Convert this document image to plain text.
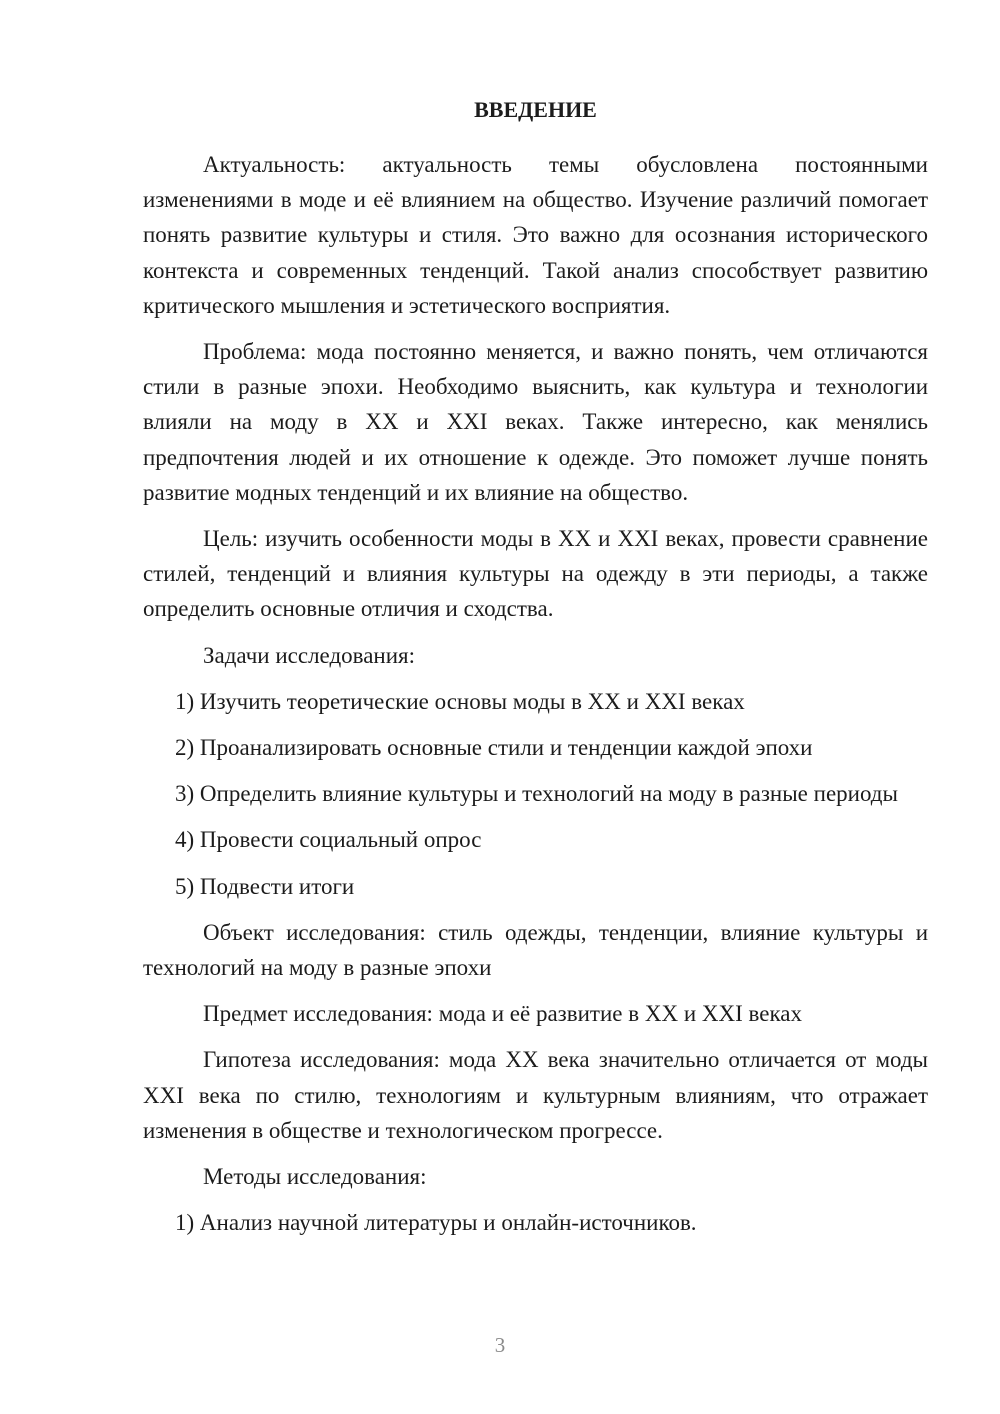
ВВЕДЕНИЕ

Актуальность: актуальность темы обусловлена постоянными изменениями в моде и её влиянием на общество. Изучение различий помогает понять развитие культуры и стиля. Это важно для осознания исторического контекста и современных тенденций. Такой анализ способствует развитию критического мышления и эстетического восприятия.

Проблема: мода постоянно меняется, и важно понять, чем отличаются стили в разные эпохи. Необходимо выяснить, как культура и технологии влияли на моду в XX и XXI веках. Также интересно, как менялись предпочтения людей и их отношение к одежде. Это поможет лучше понять развитие модных тенденций и их влияние на общество.

Цель: изучить особенности моды в XX и XXI веках, провести сравнение стилей, тенденций и влияния культуры на одежду в эти периоды, а также определить основные отличия и сходства.

Задачи исследования:

1) Изучить теоретические основы моды в XX и XXI веках

2) Проанализировать основные стили и тенденции каждой эпохи

3) Определить влияние культуры и технологий на моду в разные периоды

4) Провести социальный опрос

5) Подвести итоги

Объект исследования: стиль одежды, тенденции, влияние культуры и технологий на моду в разные эпохи

Предмет исследования: мода и её развитие в XX и XXI веках

Гипотеза исследования: мода XX века значительно отличается от моды XXI века по стилю, технологиям и культурным влияниям, что отражает изменения в обществе и технологическом прогрессе.

Методы исследования:

1) Анализ научной литературы и онлайн-источников.

3
